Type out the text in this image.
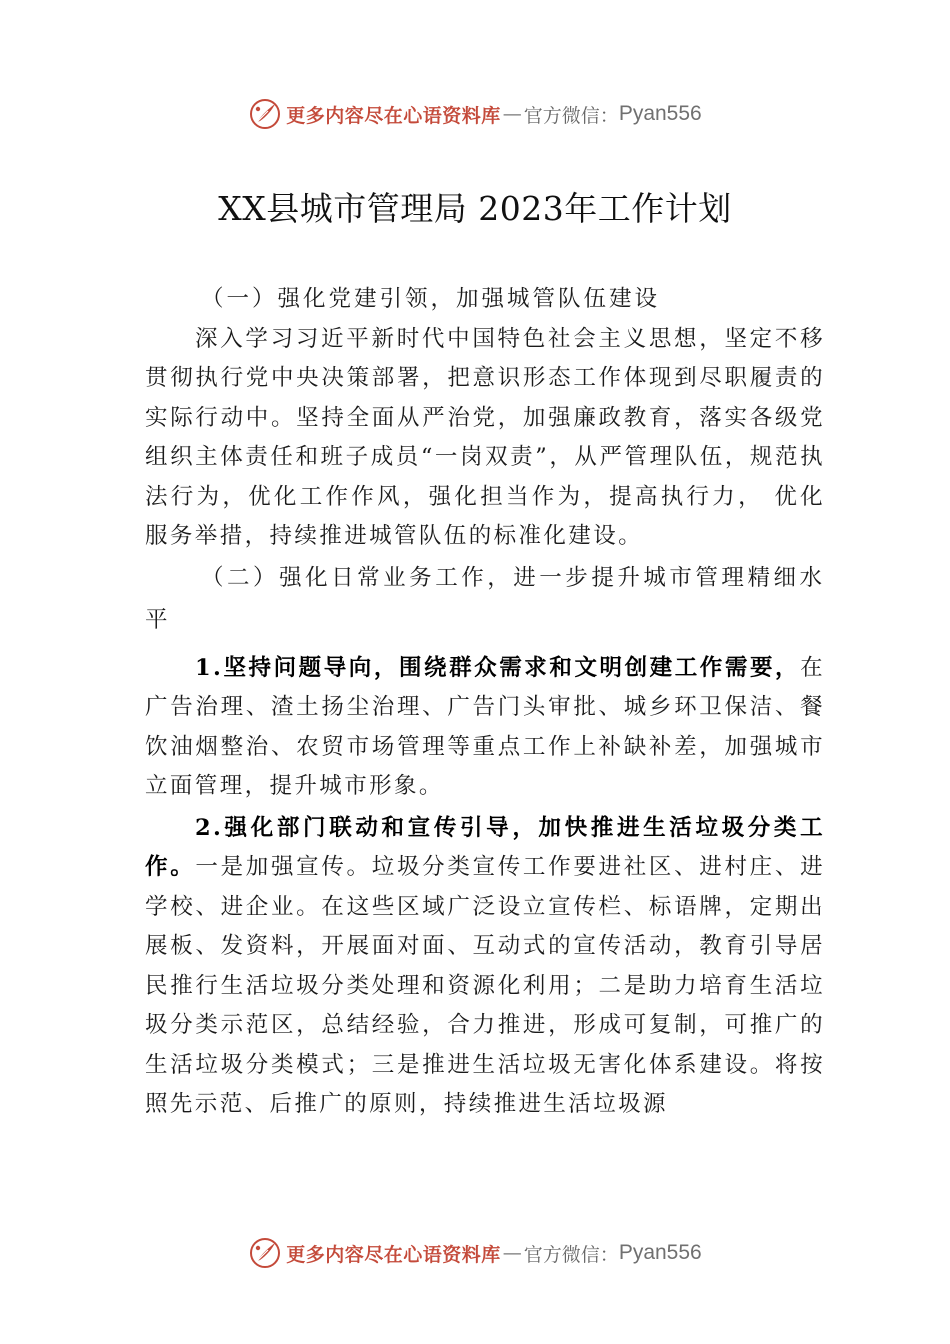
更多内容尽在心语资料库 — 官方微信： Pyan556
XX县城市管理局 2023年工作计划

（一）强化党建引领，加强城管队伍建设

深入学习习近平新时代中国特色社会主义思想，坚定不移贯彻执行党中央决策部署，把意识形态工作体现到尽职履责的实际行动中。坚持全面从严治党，加强廉政教育，落实各级党组织主体责任和班子成员“一岗双责”，从严管理队伍，规范执法行为，优化工作作风，强化担当作为，提高执行力， 优化服务举措，持续推进城管队伍的标准化建设。

（二）强化日常业务工作，进一步提升城市管理精细水平

1.坚持问题导向，围绕群众需求和文明创建工作需要，在广告治理、渣土扬尘治理、广告门头审批、城乡环卫保洁、餐饮油烟整治、农贸市场管理等重点工作上补缺补差，加强城市立面管理，提升城市形象。

2.强化部门联动和宣传引导，加快推进生活垃圾分类工作。一是加强宣传。垃圾分类宣传工作要进社区、进村庄、进学校、进企业。在这些区域广泛设立宣传栏、标语牌，定期出展板、发资料，开展面对面、互动式的宣传活动，教育引导居民推行生活垃圾分类处理和资源化利用；二是助力培育生活垃圾分类示范区，总结经验，合力推进，形成可复制，可推广的生活垃圾分类模式；三是推进生活垃圾无害化体系建设。将按照先示范、后推广的原则，持续推进生活垃圾源

更多内容尽在心语资料库 — 官方微信： Pyan556
